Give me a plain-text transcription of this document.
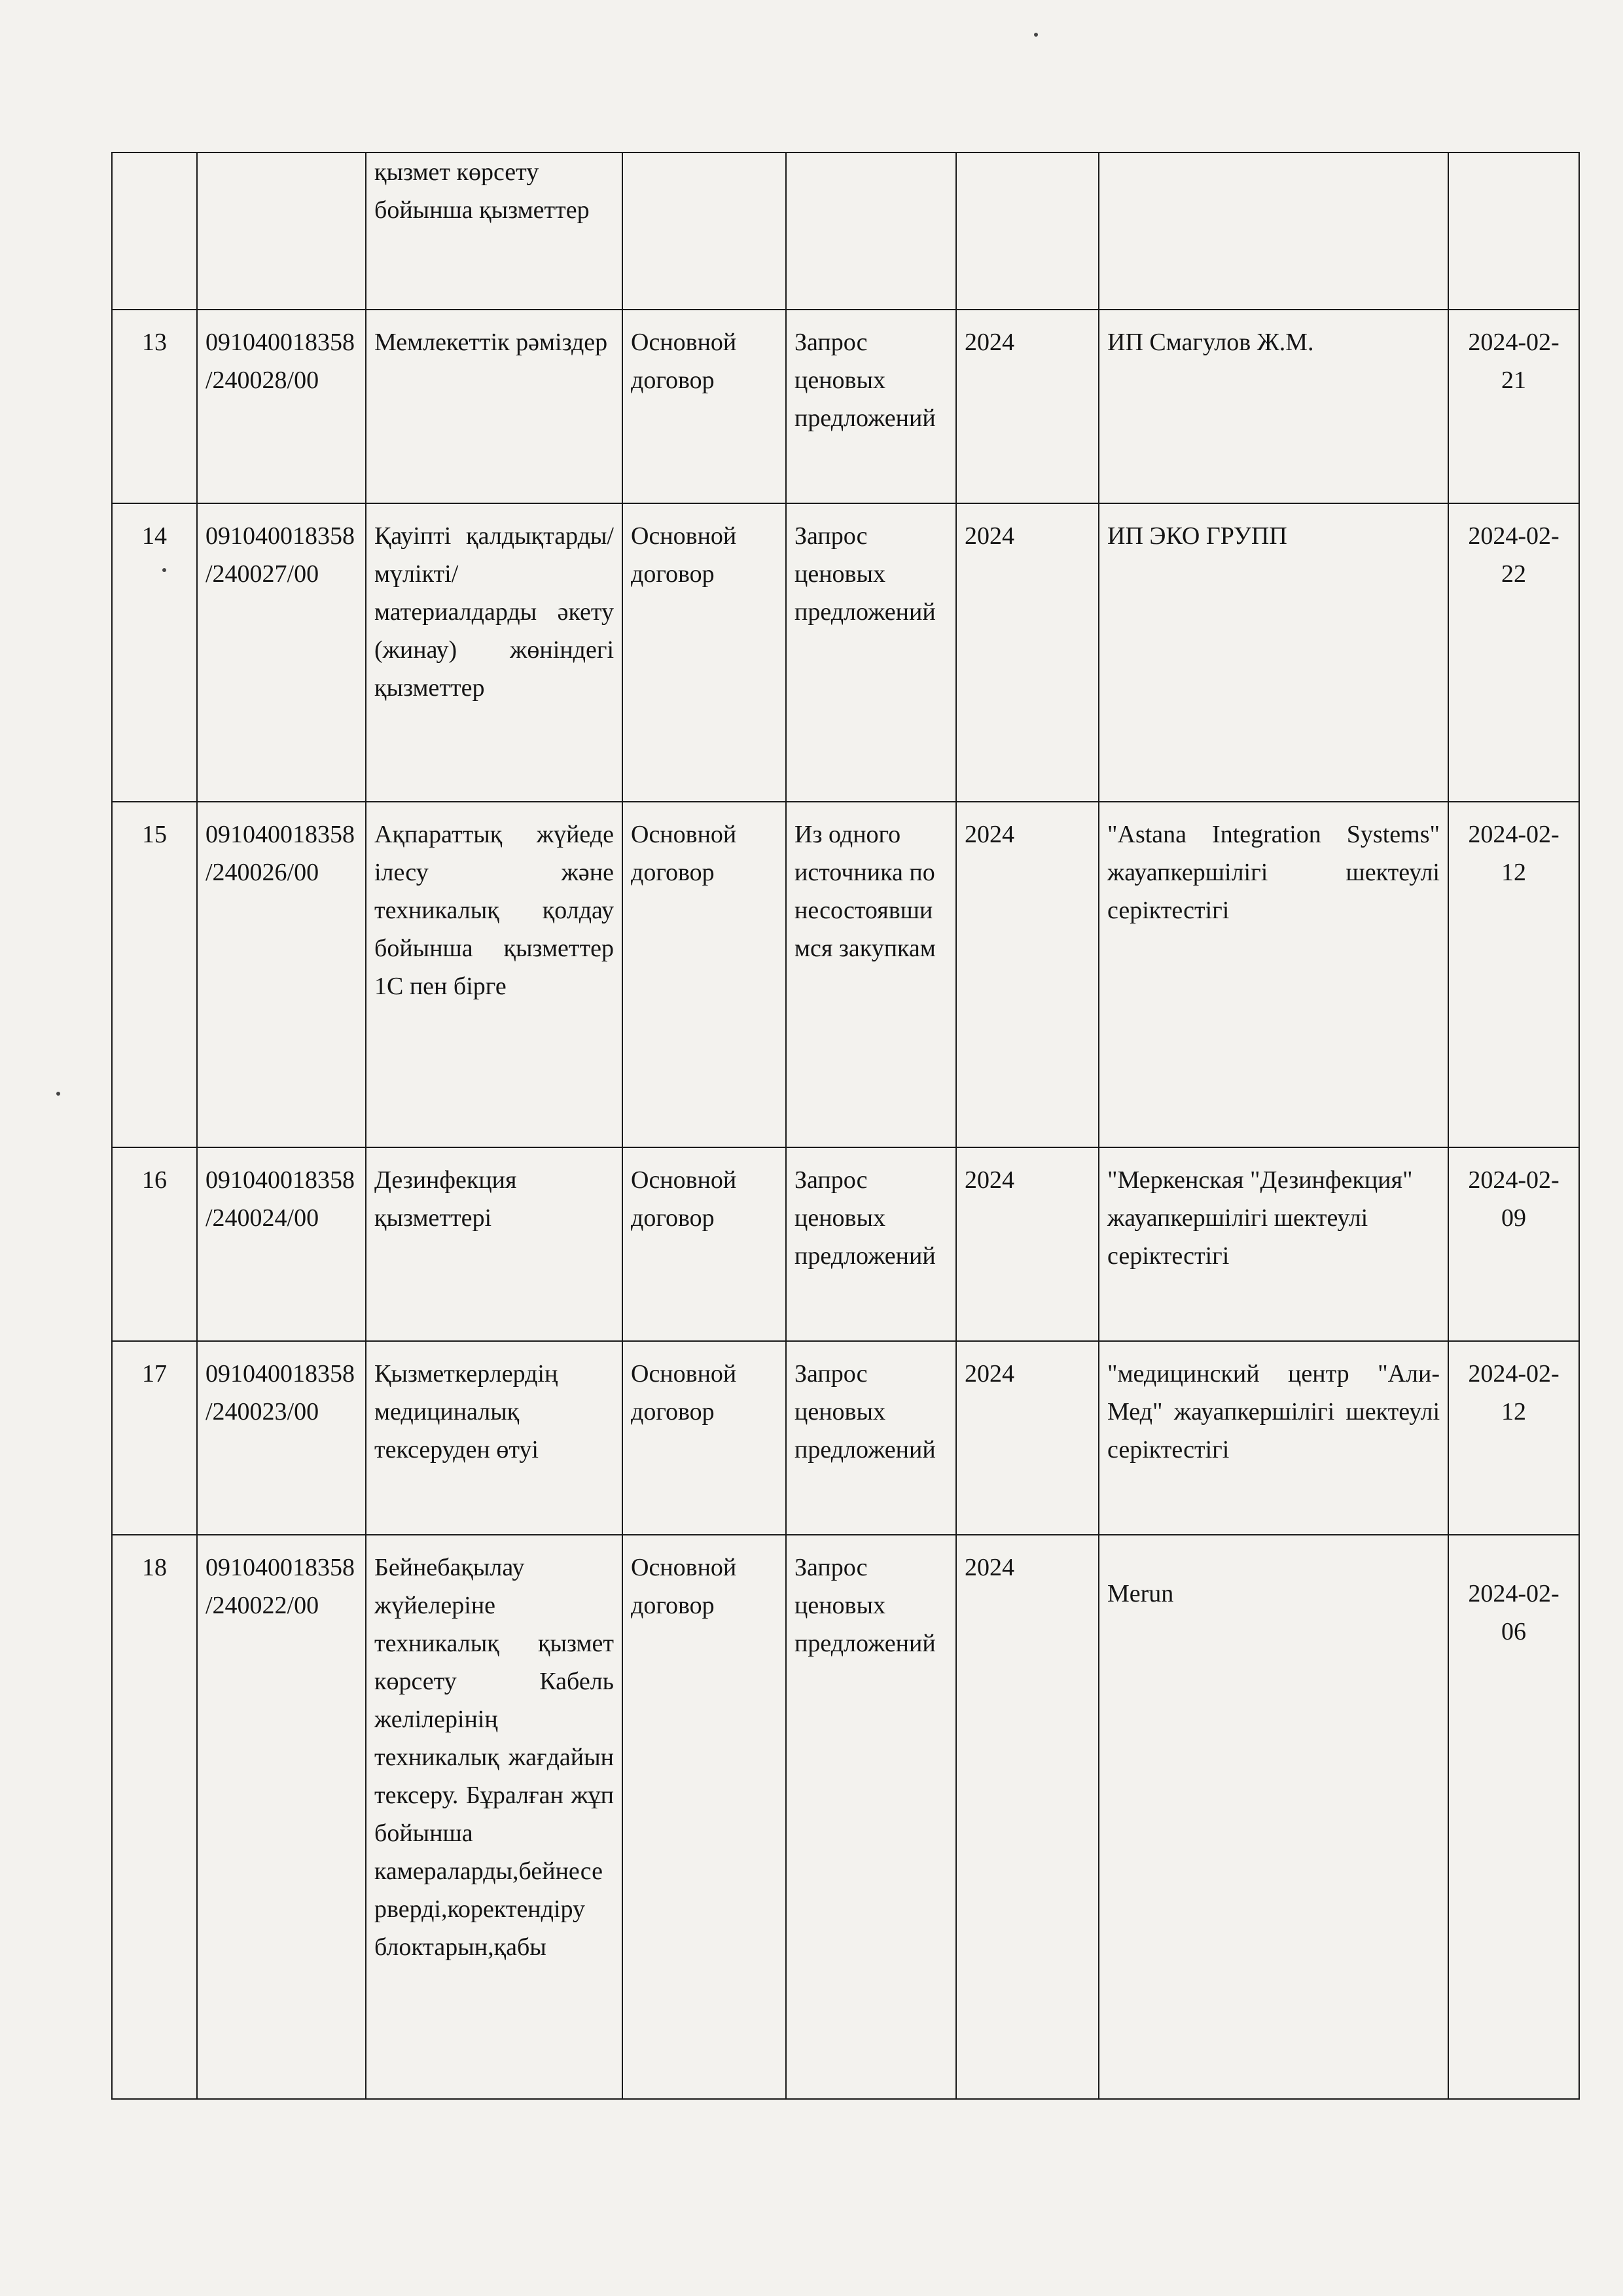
		қызмет көрсету бойынша қызметтер					
13	091040018358/240028/00	Мемлекеттік рәміздер	Основной договор	Запрос ценовых предложений	2024	ИП Смагулов Ж.М.	2024-02-21
14	091040018358/240027/00	Қауіпті қалдықтарды/мүлікті/материалдарды әкету (жинау) жөніндегі қызметтер	Основной договор	Запрос ценовых предложений	2024	ИП ЭКО ГРУПП	2024-02-22
15	091040018358/240026/00	Ақпараттық жүйеде ілесу және техникалық қолдау бойынша қызметтер 1С пен бірге	Основной договор	Из одного источника по несостоявшимся закупкам	2024	"Astana Integration Systems" жауапкершілігі шектеулі серіктестігі	2024-02-12
16	091040018358/240024/00	Дезинфекция қызметтері	Основной договор	Запрос ценовых предложений	2024	"Меркенская "Дезинфекция" жауапкершілігі шектеулі серіктестігі	2024-02-09
17	091040018358/240023/00	Қызметкерлердің медициналық тексеруден өтуі	Основной договор	Запрос ценовых предложений	2024	"медицинский центр "Али-Мед" жауапкершілігі шектеулі серіктестігі	2024-02-12
18	091040018358/240022/00	Бейнебақылау жүйелеріне техникалық қызмет көрсету Кабель желілерінің техникалық жағдайын тексеру. Бұралған жұп бойынша камераларды,бейнесерверді,коректендіру блоктарын,қабы	Основной договор	Запрос ценовых предложений	2024	Merun	2024-02-06
